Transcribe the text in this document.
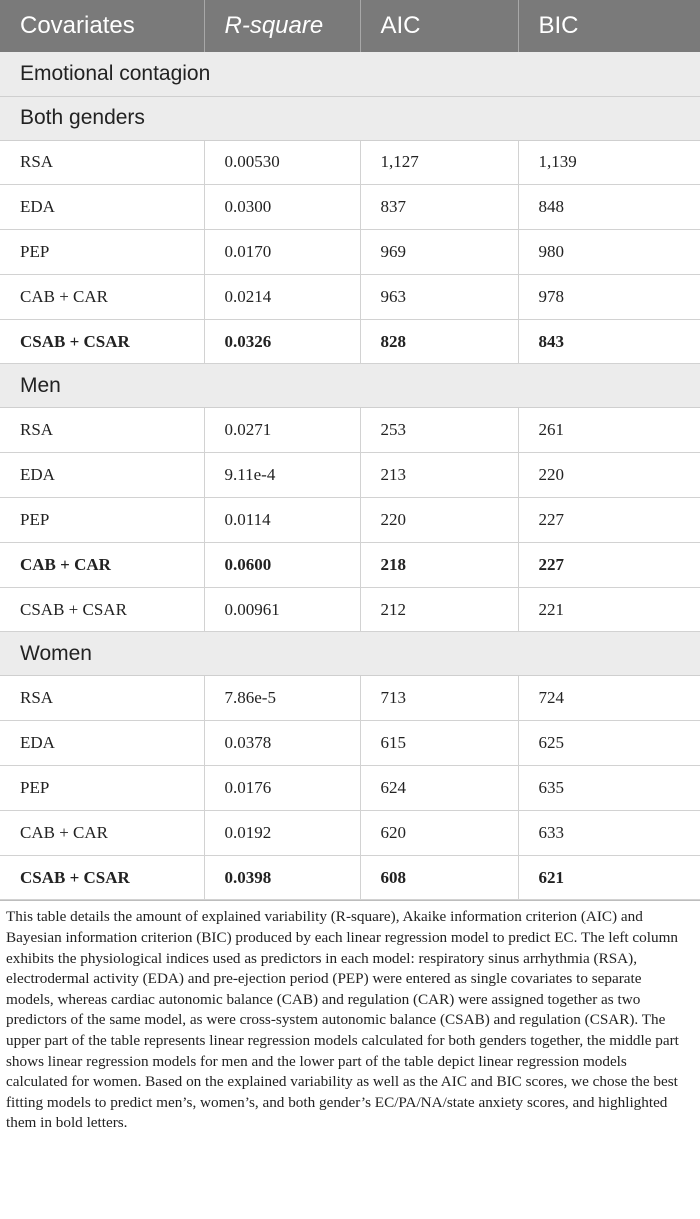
Covariates	R-square	AIC	BIC
Emotional contagion			
Both genders			
RSA	0.00530	1,127	1,139
EDA	0.0300	837	848
PEP	0.0170	969	980
CAB + CAR	0.0214	963	978
CSAB + CSAR	0.0326	828	843
Men			
RSA	0.0271	253	261
EDA	9.11e-4	213	220
PEP	0.0114	220	227
CAB + CAR	0.0600	218	227
CSAB + CSAR	0.00961	212	221
Women			
RSA	7.86e-5	713	724
EDA	0.0378	615	625
PEP	0.0176	624	635
CAB + CAR	0.0192	620	633
CSAB + CSAR	0.0398	608	621
This table details the amount of explained variability (R-square), Akaike information criterion (AIC) and Bayesian information criterion (BIC) produced by each linear regression model to predict EC. The left column exhibits the physiological indices used as predictors in each model: respiratory sinus arrhythmia (RSA), electrodermal activity (EDA) and pre-ejection period (PEP) were entered as single covariates to separate models, whereas cardiac autonomic balance (CAB) and regulation (CAR) were assigned together as two predictors of the same model, as were cross-system autonomic balance (CSAB) and regulation (CSAR). The upper part of the table represents linear regression models calculated for both genders together, the middle part shows linear regression models for men and the lower part of the table depict linear regression models calculated for women. Based on the explained variability as well as the AIC and BIC scores, we chose the best fitting models to predict men’s, women’s, and both gender’s EC/PA/NA/state anxiety scores, and highlighted them in bold letters.
